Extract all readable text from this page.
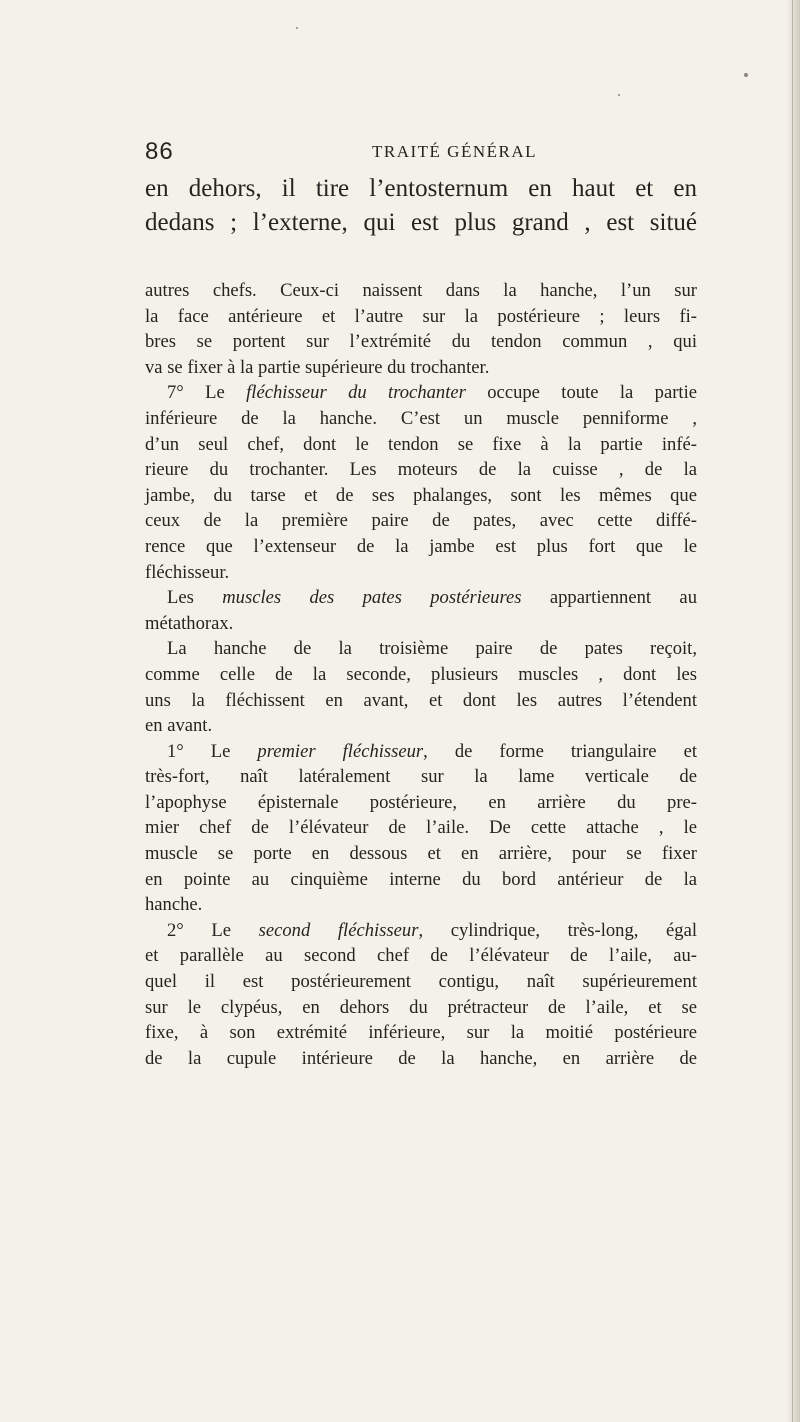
86	TRAITÉ GÉNÉRAL
en dehors, il tire l’entosternum en haut et en
dedans ; l’externe, qui est plus grand , est situé
autres chefs. Ceux-ci naissent dans la hanche, l’un sur
la face antérieure et l’autre sur la postérieure ; leurs fi-
bres se portent sur l’extrémité du tendon commun , qui
va se fixer à la partie supérieure du trochanter.
7° Le fléchisseur du trochanter occupe toute la partie
inférieure de la hanche. C’est un muscle penniforme ,
d’un seul chef, dont le tendon se fixe à la partie infé-
rieure du trochanter. Les moteurs de la cuisse , de la
jambe, du tarse et de ses phalanges, sont les mêmes que
ceux de la première paire de pates, avec cette diffé-
rence que l’extenseur de la jambe est plus fort que le
fléchisseur.
Les muscles des pates postérieures appartiennent au
métathorax.
La hanche de la troisième paire de pates reçoit,
comme celle de la seconde, plusieurs muscles , dont les
uns la fléchissent en avant, et dont les autres l’étendent
en avant.
1° Le premier fléchisseur, de forme triangulaire et
très-fort, naît latéralement sur la lame verticale de
l’apophyse épisternale postérieure, en arrière du pre-
mier chef de l’élévateur de l’aile. De cette attache , le
muscle se porte en dessous et en arrière, pour se fixer
en pointe au cinquième interne du bord antérieur de la
hanche.
2° Le second fléchisseur, cylindrique, très-long, égal
et parallèle au second chef de l’élévateur de l’aile, au-
quel il est postérieurement contigu, naît supérieurement
sur le clypéus, en dehors du prétracteur de l’aile, et se
fixe, à son extrémité inférieure, sur la moitié postérieure
de la cupule intérieure de la hanche, en arrière de
